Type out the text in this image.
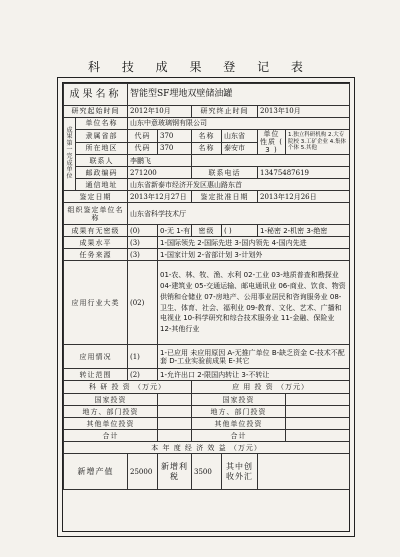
科 技 成 果 登 记 表
成果名称		智能型SF埋地双壁储油罐					
研究起始时间		2012年10月		研究终止时间		2013年10月	
成果第一完成单位	单位名称	山东中意玻璃钢有限公司					
	隶属省部	代码	370	名称	山东省	单位性质 ( 3 )	1.独立科研机构 2.大专院校 3.工矿企业 4.集体个体 5.其他
	所在地区	代码	370	名称	泰安市		
	联系人	李鹏飞					
	邮政编码	271200		联系电话		13475487619	
	通信地址	山东省新泰市经济开发区惠山路东首					
鉴定日期		2013年12月27日		鉴定批准日期		2013年12月26日	
组织鉴定单位名称		山东省科学技术厅					
成果有无密级		(0)	0-无 1-有	密级	( )	1-秘密 2-机密 3-绝密	
成果水平		(3)	1-国际领先 2-国际先进 3-国内领先 4-国内先进				
任务来源		(3)	1-国家计划 2-省部计划 3-计划外				
应用行业大类		(02)	01-农、林、牧、渔、水利 02-工业 03-地质普查和勘探业 04-建筑业 05-交通运输、邮电通讯业 06-商业、饮食、物资供销和仓储业 07-房地产、公用事业居民和咨询服务业 08-卫生、体育、社会、福利业 09-教育、文化、艺术、广播和电视业 10-科学研究和综合技术服务业 11-金融、保险业 12-其他行业				
应用情况		(1)	1-已应用 未应用原因 A-无推广单位 B-缺乏资金 C-技术不配套 D-工业实验前成果 E-其它				
转让范围		(2)	1-允许出口 2-限国内转让 3-不转让				
科 研 投 资 （万元）				应 用 投 资 （万元）			
国家投资				国家投资			
地方、部门投资				地方、部门投资			
其他单位投资				其他单位投资			
合计				合计			
本 年 度 经 济 效 益 （万元）							
新增产值		25000	新增利税	3500	其中创收外汇		
